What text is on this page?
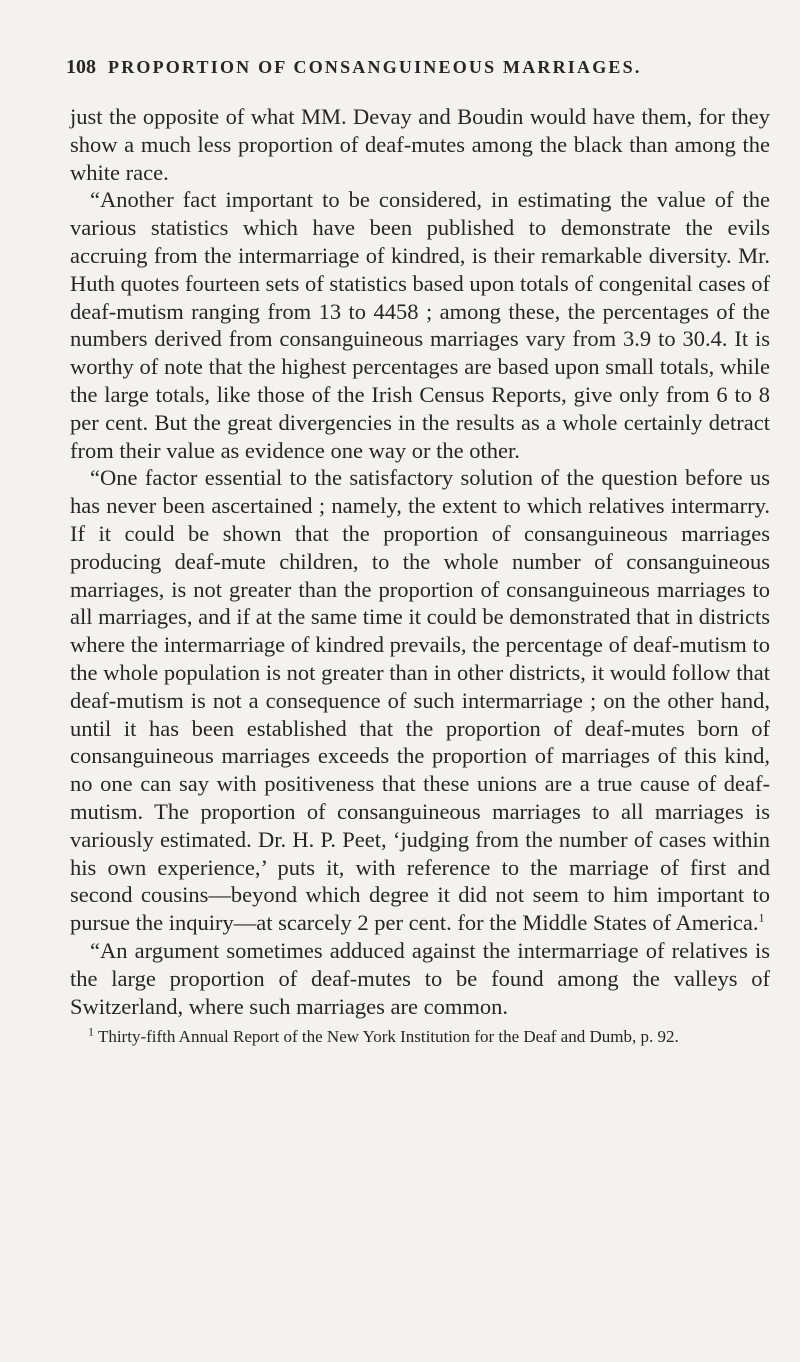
108 PROPORTION OF CONSANGUINEOUS MARRIAGES.

just the opposite of what MM. Devay and Boudin would have them, for they show a much less proportion of deaf-mutes among the black than among the white race.

“Another fact important to be considered, in estimating the value of the various statistics which have been published to demonstrate the evils accruing from the intermarriage of kindred, is their remarkable diversity. Mr. Huth quotes fourteen sets of statistics based upon totals of congenital cases of deaf-mutism ranging from 13 to 4458 ; among these, the percentages of the numbers derived from consanguineous marriages vary from 3.9 to 30.4. It is worthy of note that the highest percentages are based upon small totals, while the large totals, like those of the Irish Census Reports, give only from 6 to 8 per cent. But the great divergencies in the results as a whole certainly detract from their value as evidence one way or the other.

“One factor essential to the satisfactory solution of the question before us has never been ascertained ; namely, the extent to which relatives intermarry. If it could be shown that the proportion of consanguineous marriages producing deaf-mute children, to the whole number of consanguineous marriages, is not greater than the proportion of consanguineous marriages to all marriages, and if at the same time it could be demonstrated that in districts where the intermarriage of kindred prevails, the percentage of deaf-mutism to the whole population is not greater than in other districts, it would follow that deaf-mutism is not a consequence of such intermarriage ; on the other hand, until it has been established that the proportion of deaf-mutes born of consanguineous marriages exceeds the proportion of marriages of this kind, no one can say with positiveness that these unions are a true cause of deaf-mutism. The proportion of consanguineous marriages to all marriages is variously estimated. Dr. H. P. Peet, ‘judging from the number of cases within his own experience,’ puts it, with reference to the marriage of first and second cousins—beyond which degree it did not seem to him important to pursue the inquiry—at scarcely 2 per cent. for the Middle States of America.$^1$

“An argument sometimes adduced against the intermarriage of relatives is the large proportion of deaf-mutes to be found among the valleys of Switzerland, where such marriages are common.

$^1$ Thirty-fifth Annual Report of the New York Institution for the Deaf and Dumb, p. 92.
